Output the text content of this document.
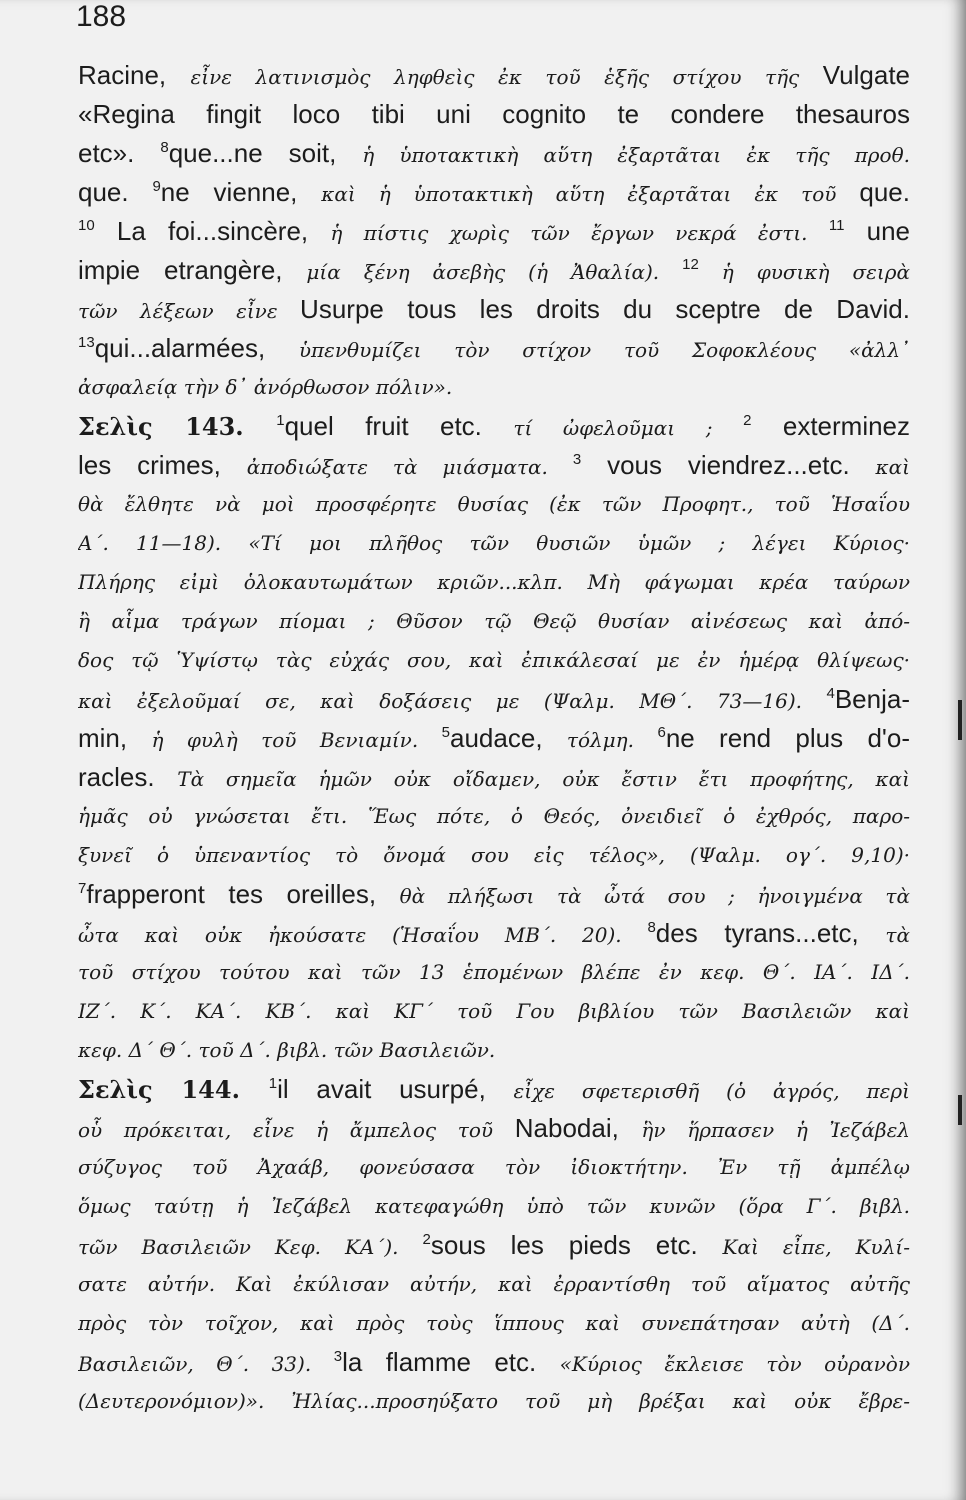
188
Racine, εἶνε λατινισμὸς ληφθεὶς ἐκ τοῦ ἑξῆς στίχου τῆς Vulgate
«Regina fingit loco tibi uni cognito te condere thesauros
etc». $^8$que...ne soit, ἡ ὑποτακτικὴ αὕτη ἐξαρτᾶται ἐκ τῆς προθ.
que. $^9$ne vienne, καὶ ἡ ὑποτακτικὴ αὕτη ἐξαρτᾶται ἐκ τοῦ que.
$^{10}$ La foi...sincère, ἡ πίστις χωρὶς τῶν ἔργων νεκρά ἐστι. $^{11}$ une
impie etrangère, μία ξένη ἀσεβὴς (ἡ Ἀθαλία). $^{12}$ ἡ φυσικὴ σειρὰ
τῶν λέξεων εἶνε Usurpe tous les droits du sceptre de David.
$^{13}$qui...alarmées, ὑπενθυμίζει τὸν στίχον τοῦ Σοφοκλέους «ἀλλ᾽
ἀσφαλείᾳ τὴν δ᾽ ἀνόρθωσον πόλιν».
Σελὶς 143. $^1$quel fruit etc. τί ὠφελοῦμαι ; $^2$ exterminez
les crimes, ἀποδιώξατε τὰ μιάσματα. $^3$ vous viendrez...etc. καὶ
θὰ ἔλθητε νὰ μοὶ προσφέρητε θυσίας (ἐκ τῶν Προφητ., τοῦ Ἡσαΐου
Α΄. 11—18). «Τί μοι πλῆθος τῶν θυσιῶν ὑμῶν ; λέγει Κύριος·
Πλήρης εἰμὶ ὁλοκαυτωμάτων κριῶν...κλπ. Μὴ φάγωμαι κρέα ταύρων
ἢ αἷμα τράγων πίομαι ; Θῦσον τῷ Θεῷ θυσίαν αἰνέσεως καὶ ἀπό-
δος τῷ Ὑψίστῳ τὰς εὐχάς σου, καὶ ἐπικάλεσαί με ἐν ἡμέρᾳ θλίψεως·
καὶ ἐξελοῦμαί σε, καὶ δοξάσεις με (Ψαλμ. ΜΘ΄. 73—16). $^4$Benja-
min, ἡ φυλὴ τοῦ Βενιαμίν. $^5$audace, τόλμη. $^6$ne rend plus d'o-
racles. Τὰ σημεῖα ἡμῶν οὐκ οἴδαμεν, οὐκ ἔστιν ἔτι προφήτης, καὶ
ἡμᾶς οὐ γνώσεται ἔτι. Ἕως πότε, ὁ Θεός, ὀνειδιεῖ ὁ ἐχθρός, παρο-
ξυνεῖ ὁ ὑπεναντίος τὸ ὄνομά σου εἰς τέλος», (Ψαλμ. ογ΄. 9,10)·
$^7$frapperont tes oreilles, θὰ πλήξωσι τὰ ὦτά σου ; ἠνοιγμένα τὰ
ὦτα καὶ οὐκ ἠκούσατε (Ἡσαΐου ΜΒ΄. 20). $^8$des tyrans...etc, τὰ
τοῦ στίχου τούτου καὶ τῶν 13 ἑπομένων βλέπε ἐν κεφ. Θ΄. ΙΑ΄. ΙΔ΄.
ΙΖ΄. Κ΄. ΚΑ΄. ΚΒ΄. καὶ ΚΓ΄ τοῦ Γου βιβλίου τῶν Βασιλειῶν καὶ
κεφ. Δ΄ Θ΄. τοῦ Δ΄. βιβλ. τῶν Βασιλειῶν.
Σελὶς 144. $^1$il avait usurpé, εἶχε σφετερισθῆ (ὁ ἀγρός, περὶ
οὗ πρόκειται, εἶνε ἡ ἄμπελος τοῦ Nabodai, ἣν ἥρπασεν ἡ Ἰεζάβελ
σύζυγος τοῦ Ἀχαάβ, φονεύσασα τὸν ἰδιοκτήτην. Ἐν τῇ ἀμπέλῳ
ὅμως ταύτῃ ἡ Ἰεζάβελ κατεφαγώθη ὑπὸ τῶν κυνῶν (ὅρα Γ΄. βιβλ.
τῶν Βασιλειῶν Κεφ. ΚΑ΄). $^2$sous les pieds etc. Καὶ εἶπε, Κυλί-
σατε αὐτήν. Καὶ ἐκύλισαν αὐτήν, καὶ ἐρραντίσθη τοῦ αἵματος αὐτῆς
πρὸς τὸν τοῖχον, καὶ πρὸς τοὺς ἵππους καὶ συνεπάτησαν αὐτὴ (Δ΄.
Βασιλειῶν, Θ΄. 33). $^3$la flamme etc. «Κύριος ἔκλεισε τὸν οὐρανὸν
(Δευτερονόμιον)». Ἠλίας...προσηύξατο τοῦ μὴ βρέξαι καὶ οὐκ ἔβρε-
